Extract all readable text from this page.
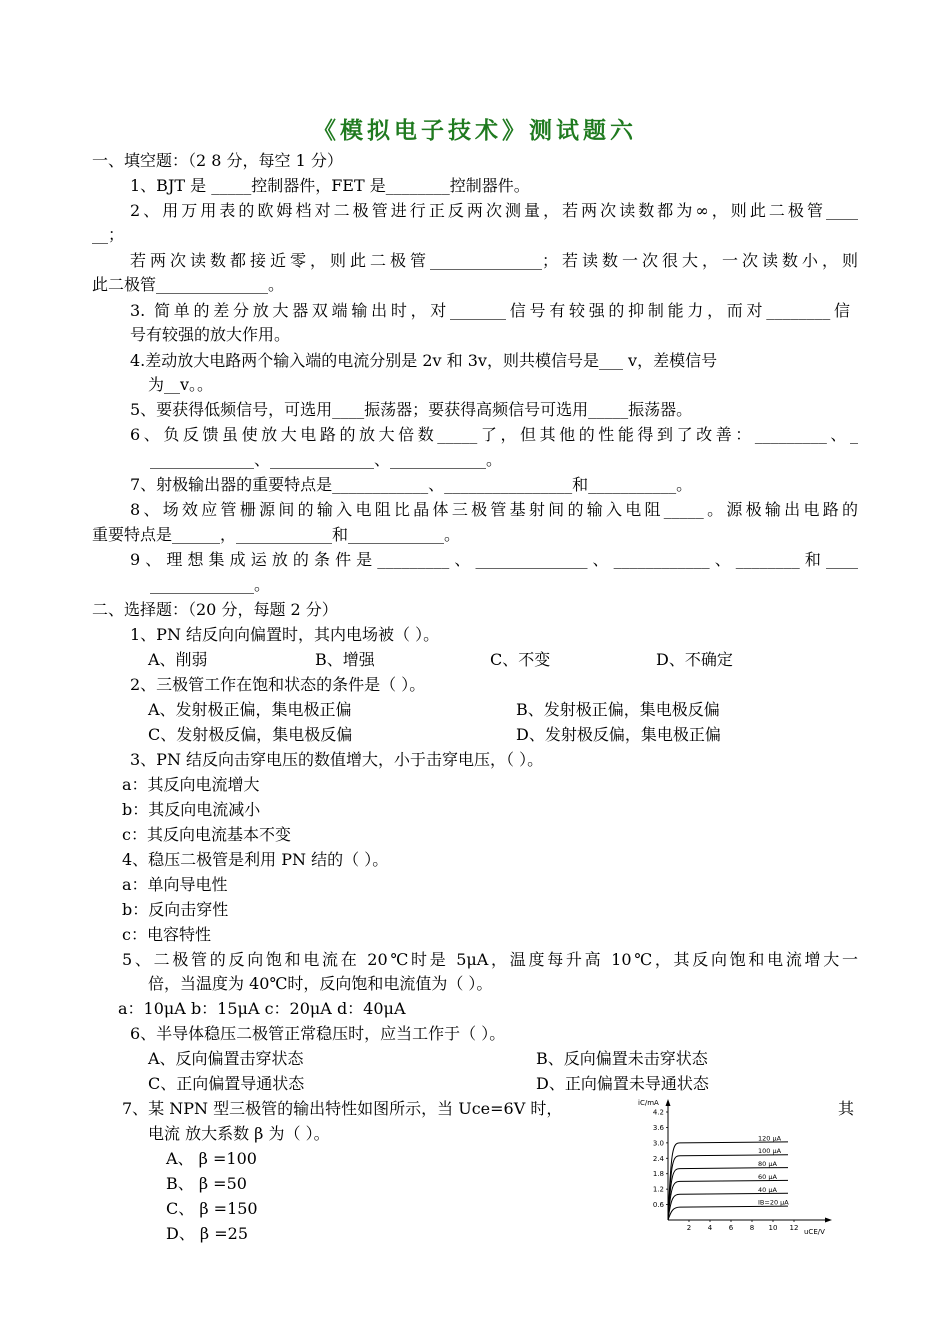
《模拟电子技术》测试题六
一、填空题：（2 8 分，每空 1 分）
1、BJT 是 _____控制器件，FET 是________控制器件。
2、用万用表的欧姆档对二极管进行正反两次测量，若两次读数都为∞，则此二极管____
__；
若两次读数都接近零，则此二极管______________；若读数一次很大，一次读数小，则
此二极管______________。
3. 简单的差分放大器双端输出时，对_______信号有较强的抑制能力，而对________信
号有较强的放大作用。
4.差动放大电路两个输入端的电流分别是 2v 和 3v，则共模信号是___ v，差模信号
为__v。。
5、要获得低频信号，可选用____振荡器；要获得高频信号可选用_____振荡器。
6、负反馈虽使放大电路的放大倍数_____了，但其他的性能得到了改善：_________、_
_____________、_____________、____________。
7、射极输出器的重要特点是____________、________________和___________。
8、场效应管栅源间的输入电阻比晶体三极管基射间的输入电阻_____。源极输出电路的
重要特点是______，____________和____________。
9、理想集成运放的条件是_________、______________、____________、________和____
_____________。
二、选择题：（20 分，每题 2 分）
1、PN 结反向向偏置时，其内电场被（ ）。
A、削弱	B、增强	C、不变	D、不确定
2、三极管工作在饱和状态的条件是（ ）。
A、发射极正偏，集电极正偏	B、发射极正偏，集电极反偏
C、发射极反偏，集电极反偏	D、发射极反偏，集电极正偏
3、PN 结反向击穿电压的数值增大，小于击穿电压，（ ）。
a：其反向电流增大
b：其反向电流减小
c：其反向电流基本不变
4、稳压二极管是利用 PN 结的（ ）。
a：单向导电性
b：反向击穿性
c：电容特性
5、二极管的反向饱和电流在 20℃时是 5μA，温度每升高 10℃，其反向饱和电流增大一
倍，当温度为 40℃时，反向饱和电流值为（ ）。
a：10μA b：15μA c：20μA d：40μA
6、半导体稳压二极管正常稳压时，应当工作于（ ）。
A、反向偏置击穿状态	B、反向偏置未击穿状态
C、正向偏置导通状态	D、正向偏置未导通状态
7、某 NPN 型三极管的输出特性如图所示，当 Uce=6V 时，	其
电流 放大系数 β 为（ ）。
A、 β =100
B、 β =50
C、 β =150
D、 β =25
iC/mA
uCE/V
4.2
3.6
3.0
2.4
1.8
1.2
0.6
2 4 6 8 10 12
120 μA
100 μA
80 μA
60 μA
40 μA
IB=20 μA
